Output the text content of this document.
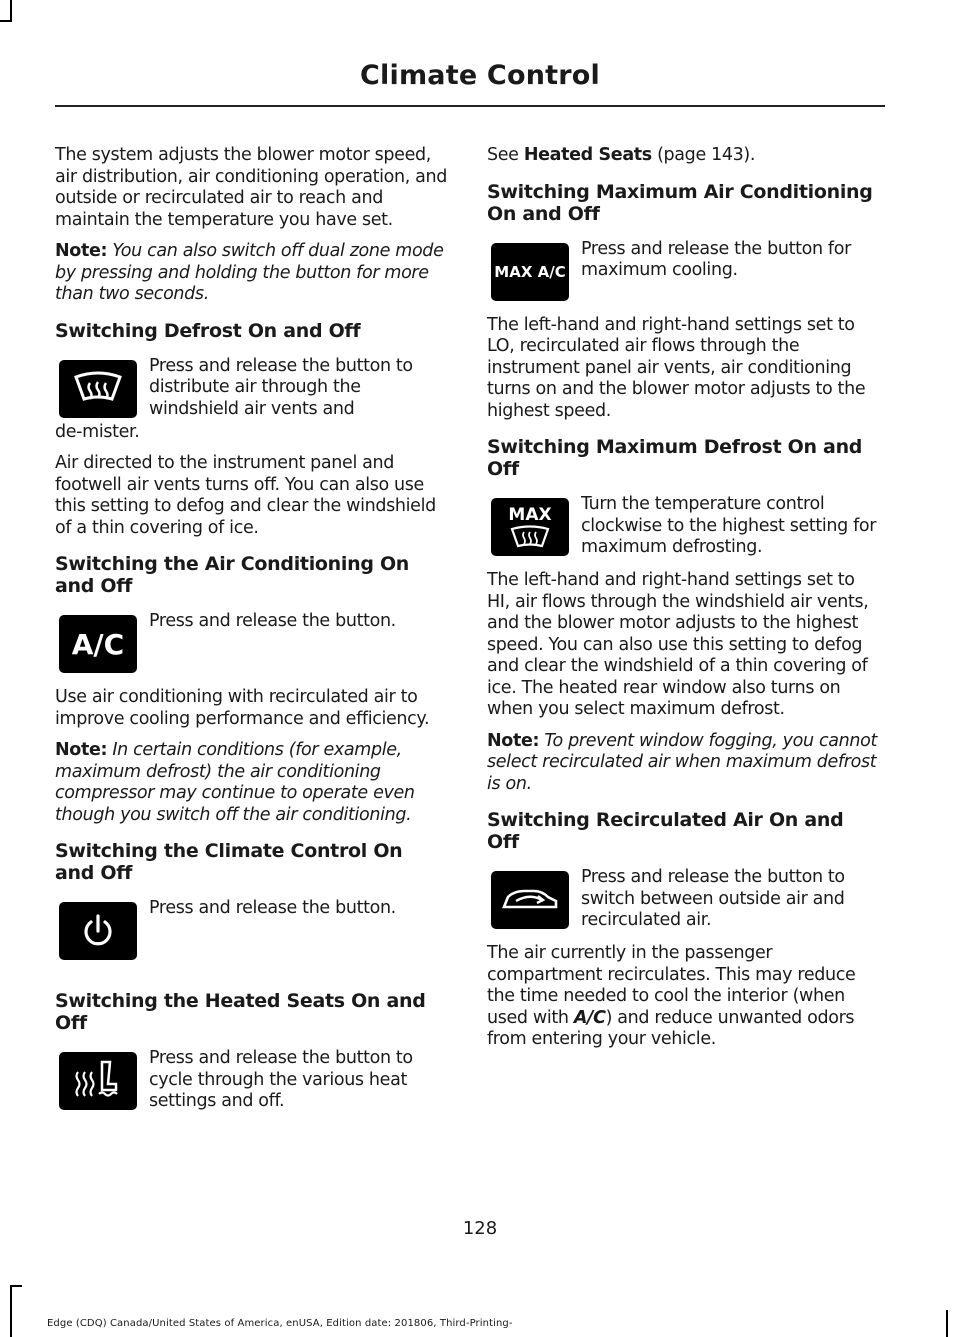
Climate Control

The system adjusts the blower motor speed, air distribution, air conditioning operation, and outside or recirculated air to reach and maintain the temperature you have set.

Note: You can also switch off dual zone mode by pressing and holding the button for more than two seconds.

Switching Defrost On and Off
Press and release the button to distribute air through the windshield air vents and
de-mister.

Air directed to the instrument panel and footwell air vents turns off. You can also use this setting to defog and clear the windshield of a thin covering of ice.

Switching the Air Conditioning On and Off
A/C
Press and release the button.

Use air conditioning with recirculated air to improve cooling performance and efficiency.

Note: In certain conditions (for example, maximum defrost) the air conditioning compressor may continue to operate even though you switch off the air conditioning.

Switching the Climate Control On and Off
Press and release the button.
Switching the Heated Seats On and Off
Press and release the button to cycle through the various heat settings and off.

See Heated Seats (page 143).

Switching Maximum Air Conditioning On and Off
MAX A/C
Press and release the button for maximum cooling.

The left-hand and right-hand settings set to LO, recirculated air flows through the instrument panel air vents, air conditioning turns on and the blower motor adjusts to the highest speed.

Switching Maximum Defrost On and Off
MAX
Turn the temperature control clockwise to the highest setting for maximum defrosting.

The left-hand and right-hand settings set to HI, air flows through the windshield air vents, and the blower motor adjusts to the highest speed. You can also use this setting to defog and clear the windshield of a thin covering of ice. The heated rear window also turns on when you select maximum defrost.

Note: To prevent window fogging, you cannot select recirculated air when maximum defrost is on.

Switching Recirculated Air On and Off
Press and release the button to switch between outside air and recirculated air.

The air currently in the passenger compartment recirculates. This may reduce the time needed to cool the interior (when used with A/C) and reduce unwanted odors from entering your vehicle.

128
Edge (CDQ) Canada/United States of America, enUSA, Edition date: 201806, Third-Printing-
